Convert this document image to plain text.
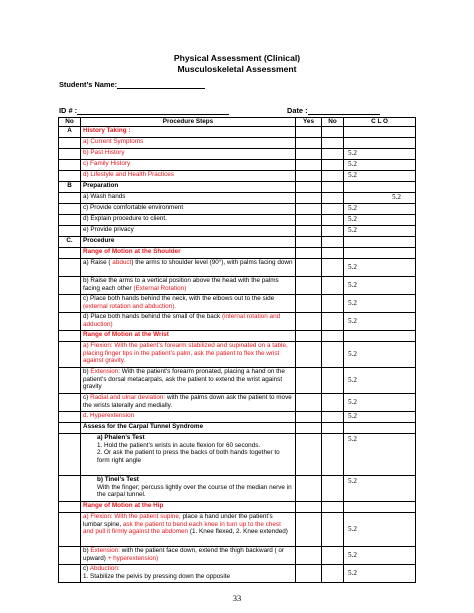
Physical Assessment (Clinical)
Musculoskeletal Assessment
Student’s Name:
ID # :	Date :
No	Procedure Steps	Yes	No	C L O
A	History Taking :			
	a) Current Symptoms			
	b) Past History			5.2
	c) Family History			5.2
	d) Lifestyle and Health Practices			5.2
B	Preparation			
	a) Wash hands			5.2
	c) Provide comfortable environment			5.2
	d) Explain procedure to client.			5.2
	e) Provide privacy			5.2
C.	Procedure			
	Range of Motion at the Shoulder			
	a) Raise ( abduct) the arms to shoulder level (90°), with palms facing down			5.2
	b) Raise the arms to a vertical position above the head with the palms facing each other (External Rotation)			5.2
	c) Place both hands behind the neck, with the elbows out to the side (external rotation and abduction).			5.2
	d) Place both hands behind the small of the back (internal rotation and adduction)			5.2
	Range of Motion at the Wrist			
	a) Flexion: With the patient’s forearm stabilized and supinated on a table, placing finger tips in the patient’s palm, ask the patient to flex the wrist against gravity.			5.2
	b) Extension: With the patient’s forearm pronated, placing a hand on the patient’s dorsal metacarpals, ask the patient to extend the wrist against gravity			5.2
	c) Radial and ulnar deviation: with the palms down ask the patient to move the wrists laterally and medially.			5.2
	d. Hyperextension			5.2
	Assess for the Carpal Tunnel Syndrome			

	a) Phalen’s Test
1. Hold the patient’s wrists in acute flexion for 60 seconds.
2. Or ask the patient to press the backs of both hands together to form right angle			5.2

	b) Tinel’s Test
With the finger; percuss lightly over the course of the median nerve in the carpal tunnel.			5.2
	Range of Motion at the Hip			
	a) Flexion: With the patient supine, place a hand under the patient’s lumbar spine, ask the patient to bend each knee in turn up to the chest and pull it firmly against the abdomen (1. Knee flexed, 2. Knee extended)			5.2
	b) Extension: with the patient face down, extend the thigh backward ( or upward) + hyperextension)			5.2
	c) Abduction:
1. Stabilize the pelvis by pressing down the opposite			5.2
33
